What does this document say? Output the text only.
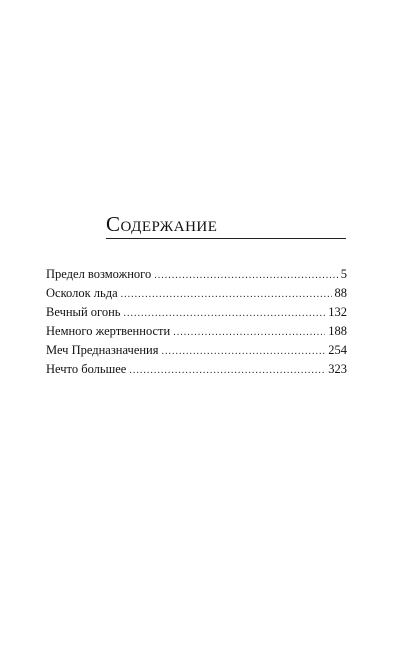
Содержание
Предел возможного .....	5
Осколок льда .....	88
Вечный огонь .....	132
Немного жертвенности .....	188
Меч Предназначения .....	254
Нечто большее .....	323
